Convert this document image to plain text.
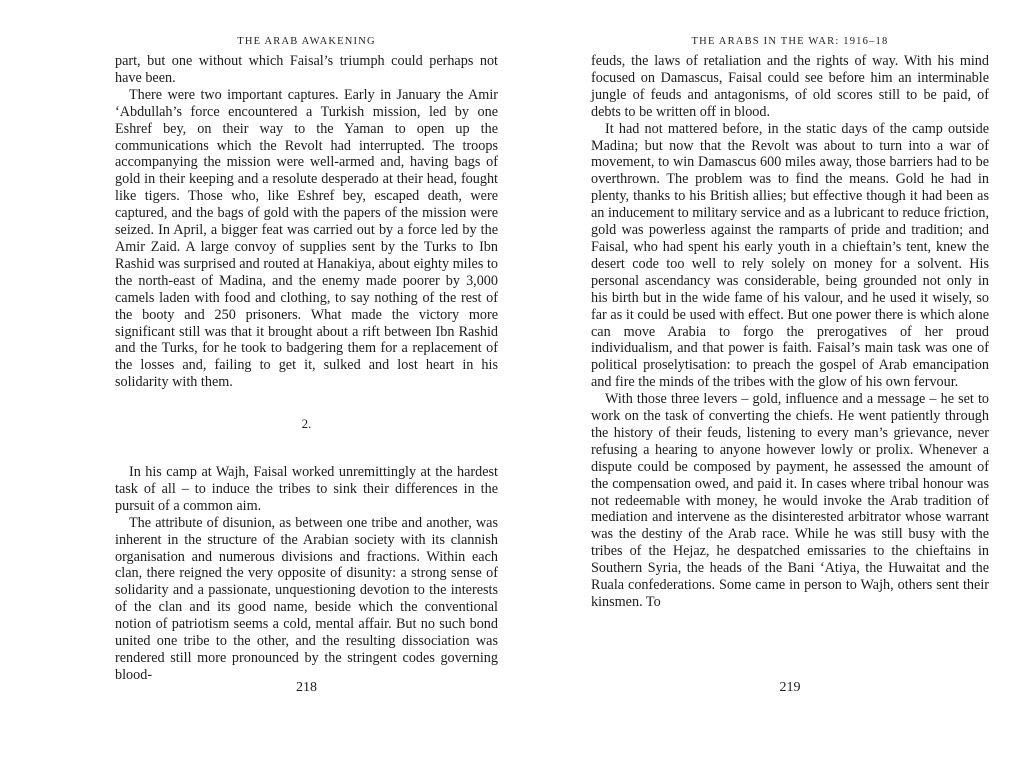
THE ARAB AWAKENING

part, but one without which Faisal’s triumph could perhaps not have been.

There were two important captures. Early in January the Amir ‘Abdullah’s force encountered a Turkish mission, led by one Eshref bey, on their way to the Yaman to open up the communications which the Revolt had interrupted. The troops accompanying the mission were well-armed and, having bags of gold in their keeping and a resolute desperado at their head, fought like tigers. Those who, like Eshref bey, escaped death, were captured, and the bags of gold with the papers of the mission were seized. In April, a bigger feat was carried out by a force led by the Amir Zaid. A large convoy of supplies sent by the Turks to Ibn Rashid was surprised and routed at Hanakiya, about eighty miles to the north-east of Madina, and the enemy made poorer by 3,000 camels laden with food and clothing, to say nothing of the rest of the booty and 250 prisoners. What made the victory more significant still was that it brought about a rift between Ibn Rashid and the Turks, for he took to badgering them for a replacement of the losses and, failing to get it, sulked and lost heart in his solidarity with them.

2.

In his camp at Wajh, Faisal worked unremittingly at the hardest task of all – to induce the tribes to sink their differences in the pursuit of a common aim.

The attribute of disunion, as between one tribe and another, was inherent in the structure of the Arabian society with its clannish organisation and numerous divisions and fractions. Within each clan, there reigned the very opposite of disunity: a strong sense of solidarity and a passionate, unquestioning devotion to the interests of the clan and its good name, beside which the conventional notion of patriotism seems a cold, mental affair. But no such bond united one tribe to the other, and the resulting dissociation was rendered still more pronounced by the stringent codes governing blood-

218
THE ARABS IN THE WAR: 1916–18

feuds, the laws of retaliation and the rights of way. With his mind focused on Damascus, Faisal could see before him an interminable jungle of feuds and antagonisms, of old scores still to be paid, of debts to be written off in blood.

It had not mattered before, in the static days of the camp outside Madina; but now that the Revolt was about to turn into a war of movement, to win Damascus 600 miles away, those barriers had to be overthrown. The problem was to find the means. Gold he had in plenty, thanks to his British allies; but effective though it had been as an inducement to military service and as a lubricant to reduce friction, gold was powerless against the ramparts of pride and tradition; and Faisal, who had spent his early youth in a chieftain’s tent, knew the desert code too well to rely solely on money for a solvent. His personal ascendancy was considerable, being grounded not only in his birth but in the wide fame of his valour, and he used it wisely, so far as it could be used with effect. But one power there is which alone can move Arabia to forgo the prerogatives of her proud individualism, and that power is faith. Faisal’s main task was one of political proselytisation: to preach the gospel of Arab emancipation and fire the minds of the tribes with the glow of his own fervour.

With those three levers – gold, influence and a message – he set to work on the task of converting the chiefs. He went patiently through the history of their feuds, listening to every man’s grievance, never refusing a hearing to anyone however lowly or prolix. Whenever a dispute could be composed by payment, he assessed the amount of the compensation owed, and paid it. In cases where tribal honour was not redeemable with money, he would invoke the Arab tradition of mediation and intervene as the disinterested arbitrator whose warrant was the destiny of the Arab race. While he was still busy with the tribes of the Hejaz, he despatched emissaries to the chieftains in Southern Syria, the heads of the Bani ‘Atiya, the Huwaitat and the Ruala confederations. Some came in person to Wajh, others sent their kinsmen. To

219
